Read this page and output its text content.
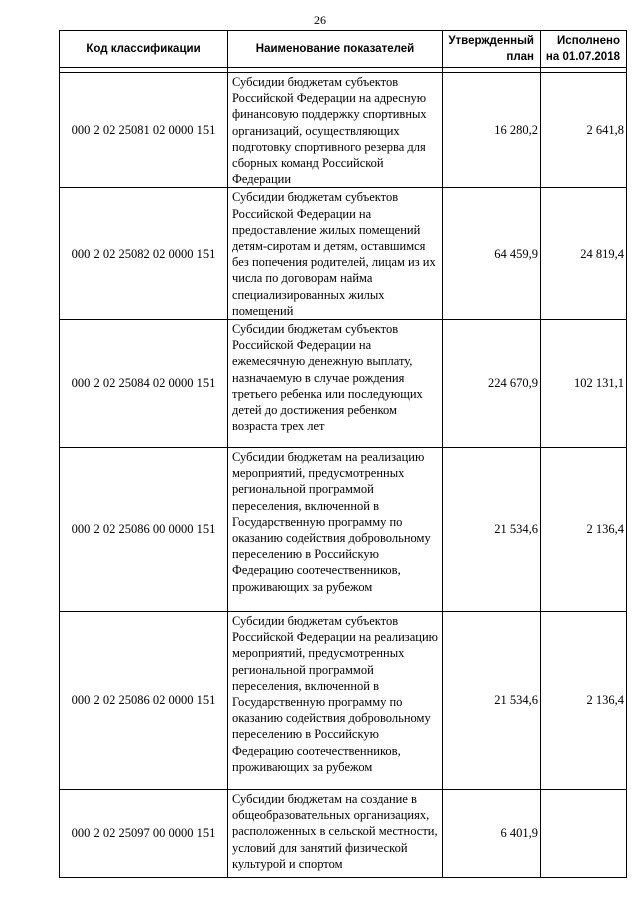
26
Код классификации	Наименование показателей	Утвержденный план	Исполнено на 01.07.2018

000 2 02 25081 02 0000 151	Субсидии бюджетам субъектов Российской Федерации на адресную финансовую поддержку спортивных организаций, осуществляющих подготовку спортивного резерва для сборных команд Российской Федерации	16 280,2	2 641,8
000 2 02 25082 02 0000 151	Субсидии бюджетам субъектов Российской Федерации на предоставление жилых помещений детям-сиротам и детям, оставшимся без попечения родителей, лицам из их числа по договорам найма специализированных жилых помещений	64 459,9	24 819,4
000 2 02 25084 02 0000 151	Субсидии бюджетам субъектов Российской Федерации на ежемесячную денежную выплату, назначаемую в случае рождения третьего ребенка или последующих детей до достижения ребенком возраста трех лет	224 670,9	102 131,1
000 2 02 25086 00 0000 151	Субсидии бюджетам на реализацию мероприятий, предусмотренных региональной программой переселения, включенной в Государственную программу по оказанию содействия добровольному переселению в Российскую Федерацию соотечественников, проживающих за рубежом	21 534,6	2 136,4
000 2 02 25086 02 0000 151	Субсидии бюджетам субъектов Российской Федерации на реализацию мероприятий, предусмотренных региональной программой переселения, включенной в Государственную программу по оказанию содействия добровольному переселению в Российскую Федерацию соотечественников, проживающих за рубежом	21 534,6	2 136,4
000 2 02 25097 00 0000 151	Субсидии бюджетам на создание в общеобразовательных организациях, расположенных в сельской местности, условий для занятий физической культурой и спортом	6 401,9	
